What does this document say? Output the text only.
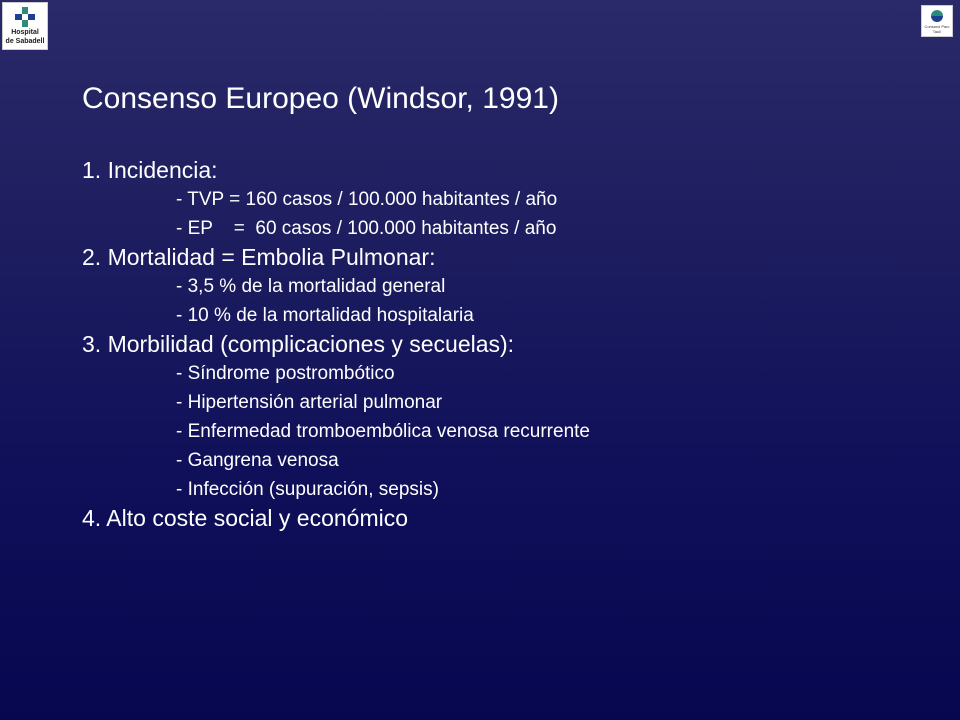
Hospital
de Sabadell
Consorci Parc Taulí
Consenso Europeo (Windsor, 1991)
1. Incidencia:
- TVP = 160 casos / 100.000 habitantes / año
- EP    =  60 casos / 100.000 habitantes / año
2. Mortalidad = Embolia Pulmonar:
- 3,5 % de la mortalidad general
- 10 % de la mortalidad hospitalaria
3. Morbilidad (complicaciones y secuelas):
- Síndrome postrombótico
- Hipertensión arterial pulmonar
- Enfermedad tromboembólica venosa recurrente
- Gangrena venosa
- Infección (supuración, sepsis)
4. Alto coste social y económico
